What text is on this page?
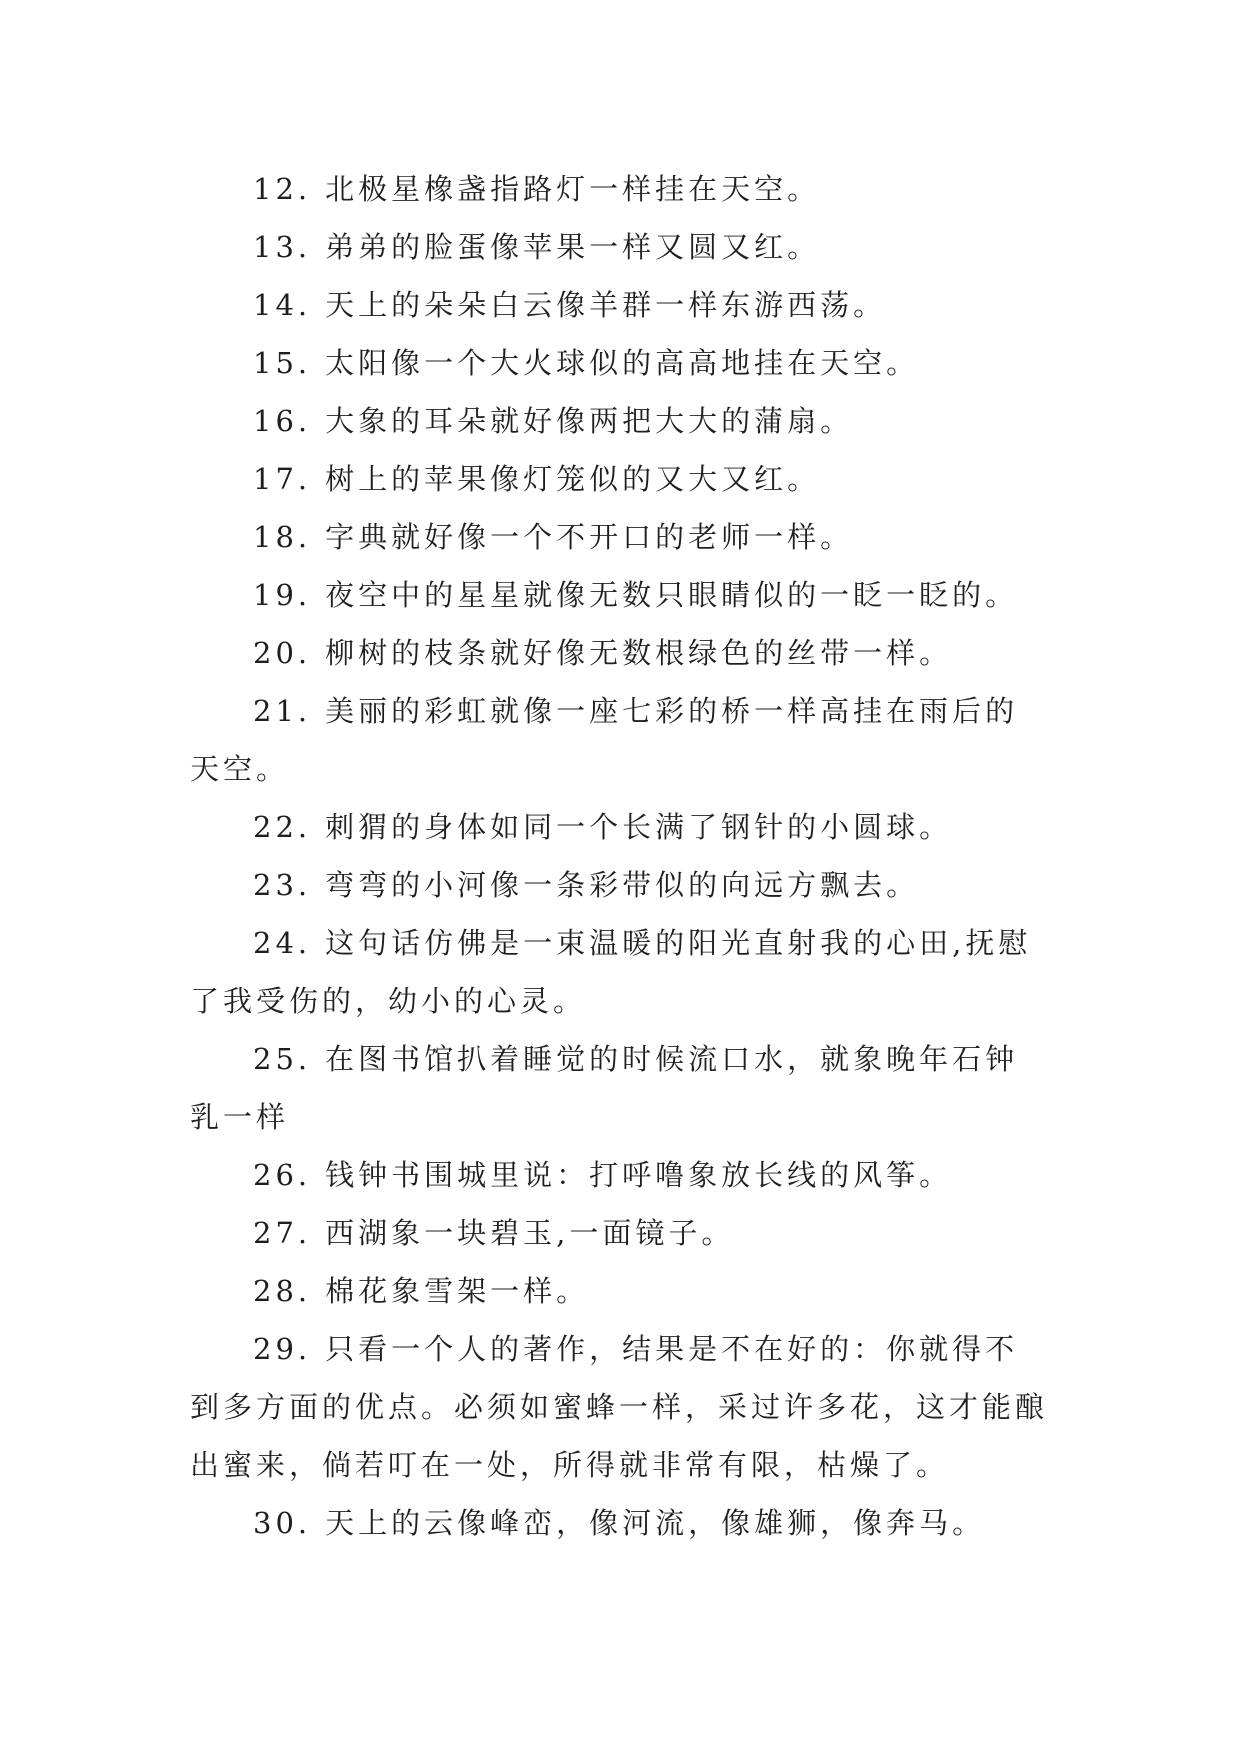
12. 北极星橡盏指路灯一样挂在天空。

13. 弟弟的脸蛋像苹果一样又圆又红。

14. 天上的朵朵白云像羊群一样东游西荡。

15. 太阳像一个大火球似的高高地挂在天空。

16. 大象的耳朵就好像两把大大的蒲扇。

17. 树上的苹果像灯笼似的又大又红。

18. 字典就好像一个不开口的老师一样。

19. 夜空中的星星就像无数只眼睛似的一眨一眨的。

20. 柳树的枝条就好像无数根绿色的丝带一样。

21. 美丽的彩虹就像一座七彩的桥一样高挂在雨后的天空。

22. 刺猬的身体如同一个长满了钢针的小圆球。

23. 弯弯的小河像一条彩带似的向远方飘去。

24. 这句话仿佛是一束温暖的阳光直射我的心田,抚慰了我受伤的，幼小的心灵。

25. 在图书馆扒着睡觉的时候流口水，就象晚年石钟乳一样

26. 钱钟书围城里说：打呼噜象放长线的风筝。

27. 西湖象一块碧玉,一面镜子。

28. 棉花象雪架一样。

29. 只看一个人的著作，结果是不在好的：你就得不到多方面的优点。必须如蜜蜂一样，采过许多花，这才能酿出蜜来，倘若叮在一处，所得就非常有限，枯燥了。

30. 天上的云像峰峦，像河流，像雄狮，像奔马。
